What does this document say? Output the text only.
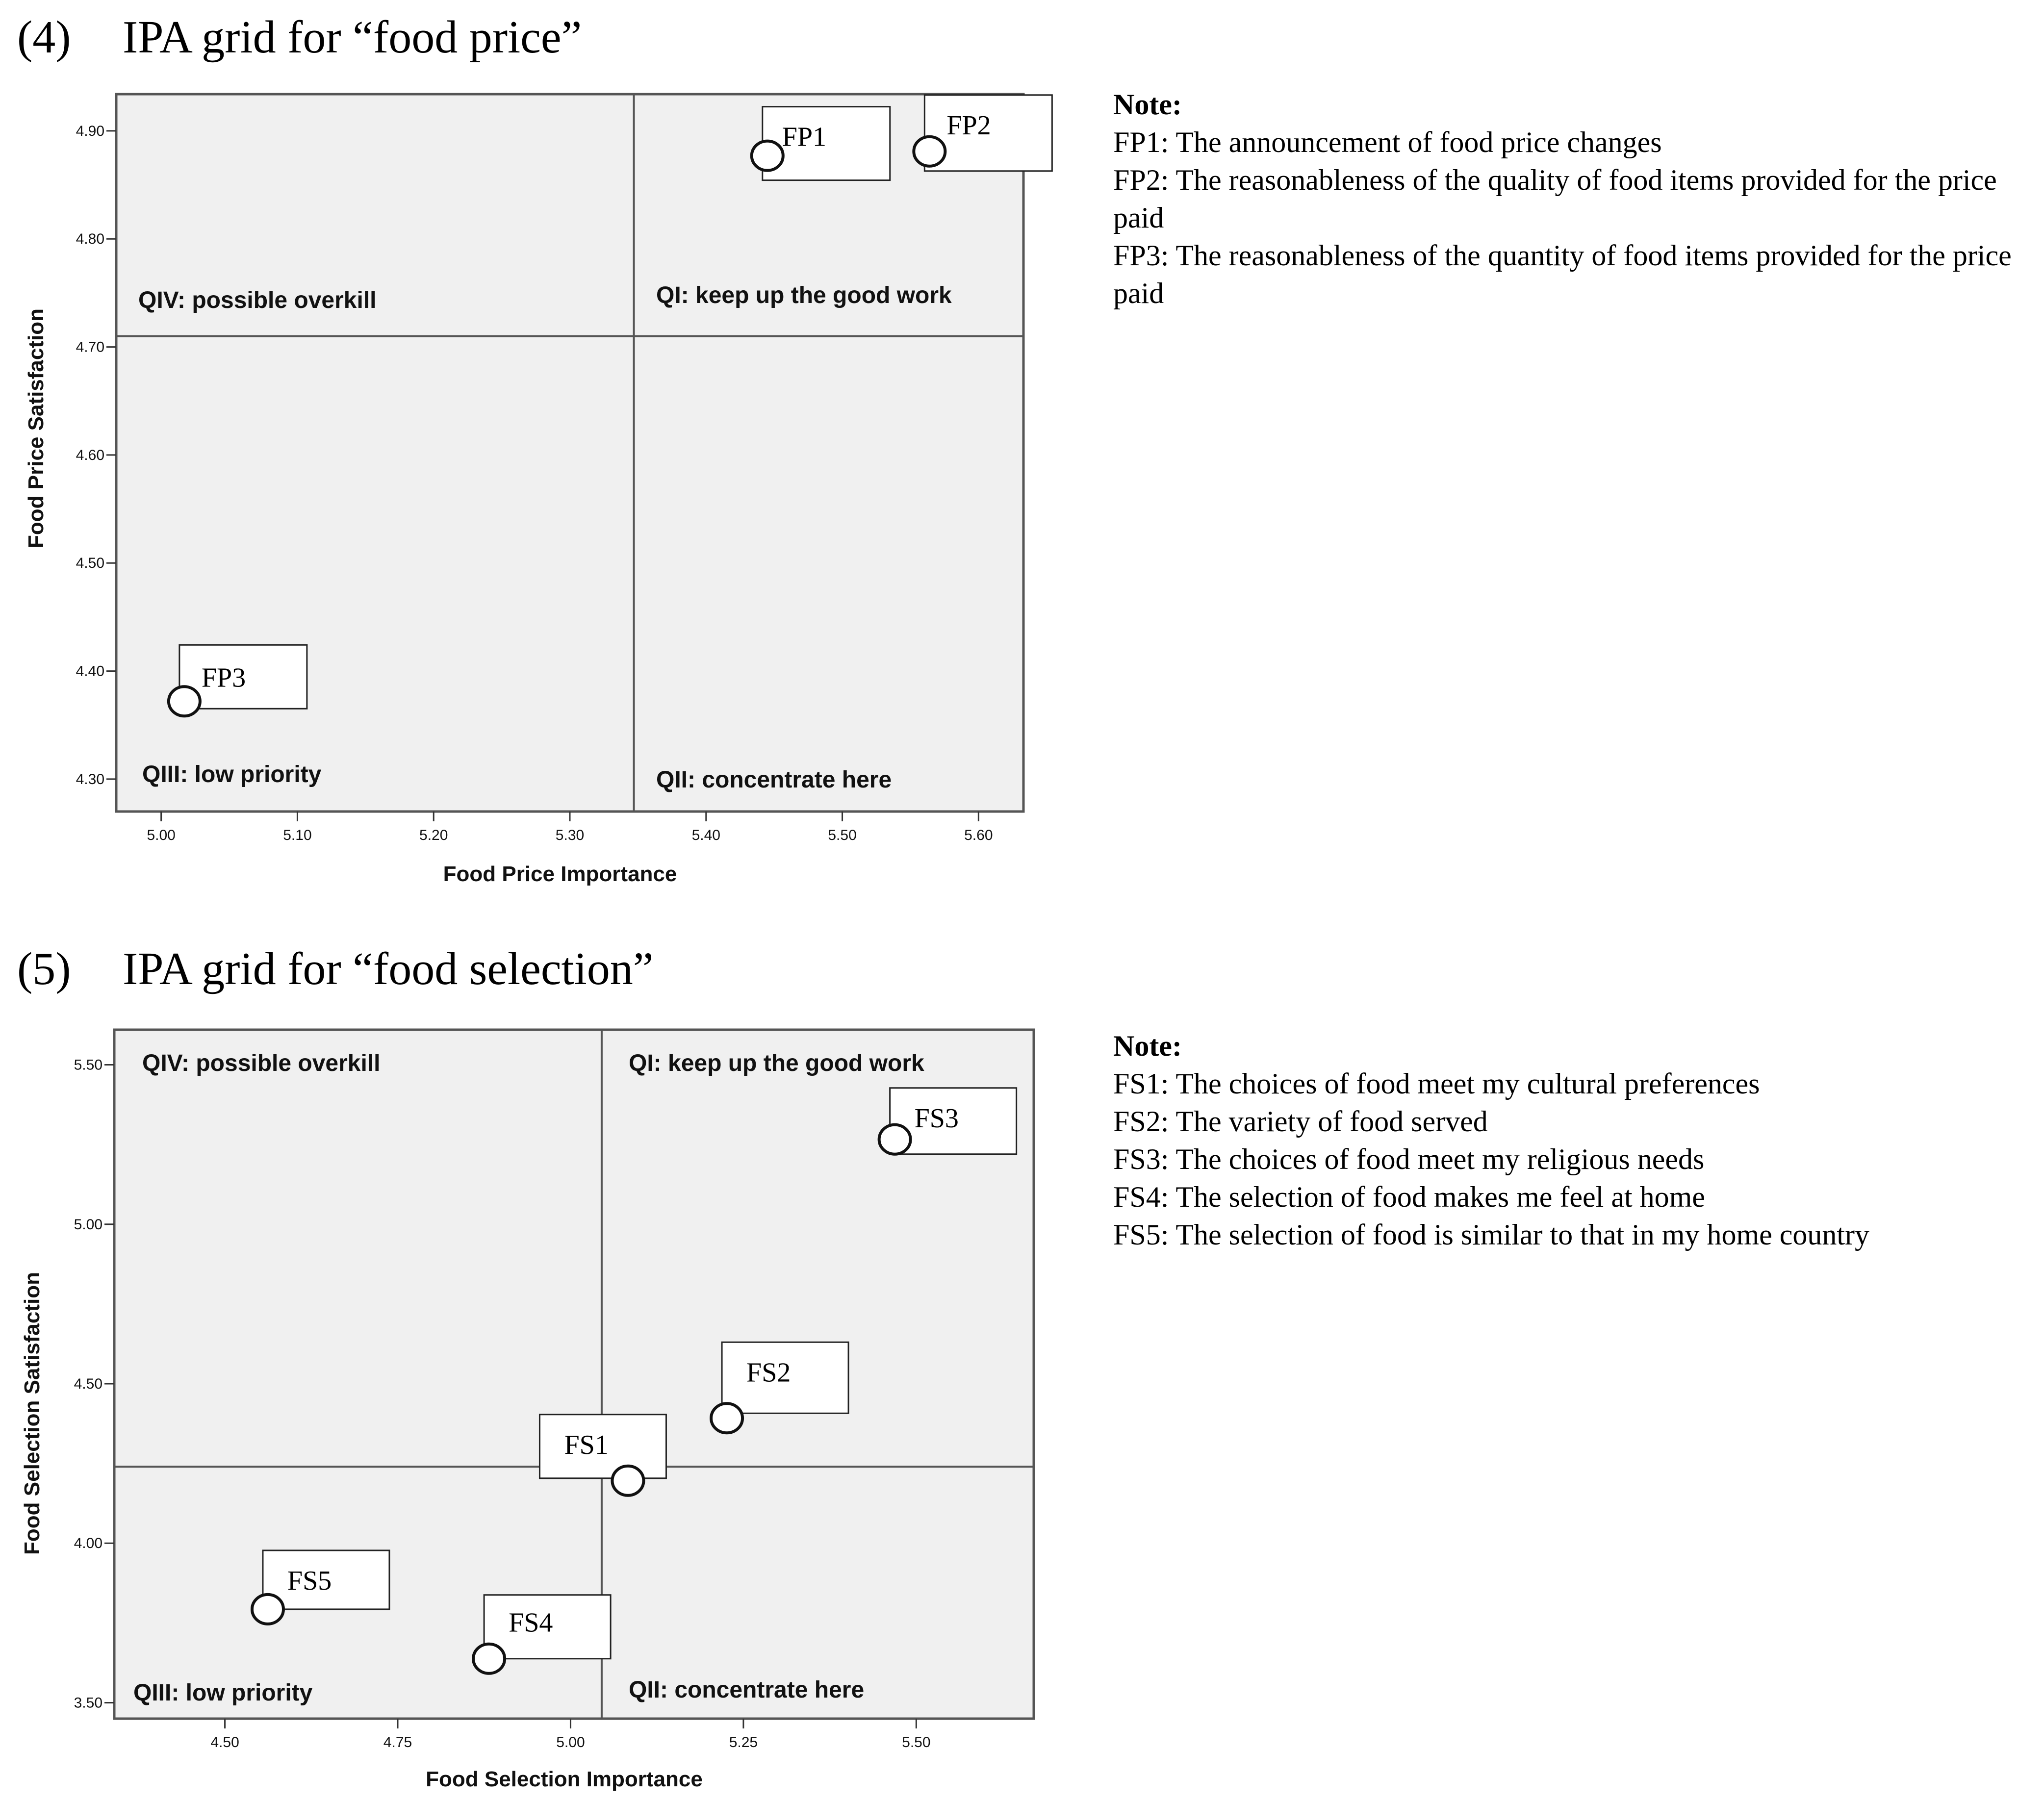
(4) IPA grid for “food price”
4.30
4.40
4.50
4.60
4.70
4.80
4.90
5.00	5.10	5.20	5.30	5.40	5.50	5.60
Food Price Importance
Food Price Satisfaction
QI: keep up the good work
QII: concentrate here
QIII: low priority
QIV: possible overkill
FP1	FP2
FP3
Note:
FP1: The announcement of food price changes
FP2: The reasonableness of the quality of food items provided for the price paid
FP3: The reasonableness of the quantity of food items provided for the price paid
(5) IPA grid for “food selection”
3.50
4.00
4.50
5.00
5.50
4.50	4.75	5.00	5.25	5.50
Food Selection Importance
Food Selection Satisfaction
QI: keep up the good work
QII: concentrate here
QIII: low priority
QIV: possible overkill
FS1
FS2
FS3
FS4
FS5
Note:
FS1: The choices of food meet my cultural preferences
FS2: The variety of food served
FS3: The choices of food meet my religious needs
FS4: The selection of food makes me feel at home
FS5: The selection of food is similar to that in my home country
